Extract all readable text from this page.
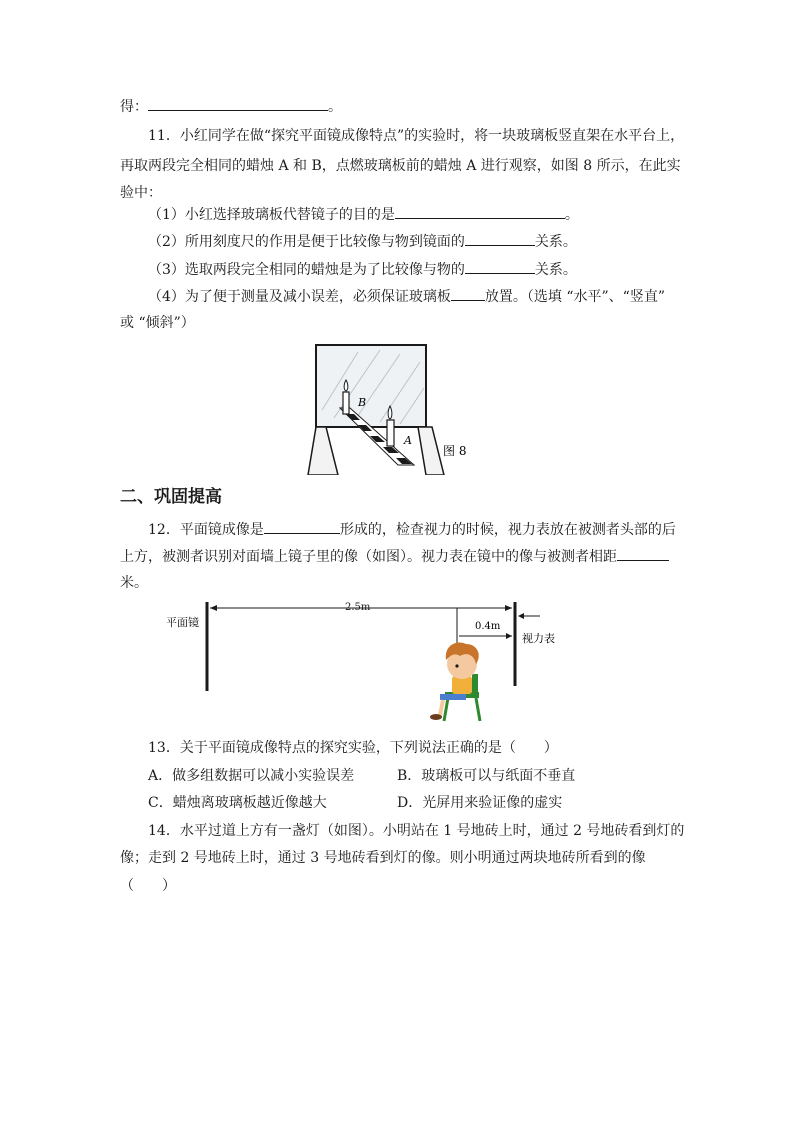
得：	。
11．小红同学在做“探究平面镜成像特点”的实验时，将一块玻璃板竖直架在水平台上，
再取两段完全相同的蜡烛 A 和 B，点燃玻璃板前的蜡烛 A 进行观察，如图 8 所示，在此实
验中：
（1）小红选择玻璃板代替镜子的目的是	。
（2）所用刻度尺的作用是便于比较像与物到镜面的	关系。
（3）选取两段完全相同的蜡烛是为了比较像与物的	关系。
（4）为了便于测量及减小误差，必须保证玻璃板 放置。（选填 “水平”、“竖直”
或 “倾斜”）
B
A
图 8
二、巩固提高
12．平面镜成像是	形成的，检查视力的时候，视力表放在被测者头部的后
上方，被测者识别对面墙上镜子里的像（如图）。视力表在镜中的像与被测者相距
米。
平面镜
2.5m
0.4m
视力表
13．关于平面镜成像特点的探究实验，下列说法正确的是（　　）
A．做多组数据可以减小实验误差	B．玻璃板可以与纸面不垂直
C．蜡烛离玻璃板越近像越大	D．光屏用来验证像的虚实
14．水平过道上方有一盏灯（如图）。小明站在 1 号地砖上时，通过 2 号地砖看到灯的
像；走到 2 号地砖上时，通过 3 号地砖看到灯的像。则小明通过两块地砖所看到的像
（　　）
